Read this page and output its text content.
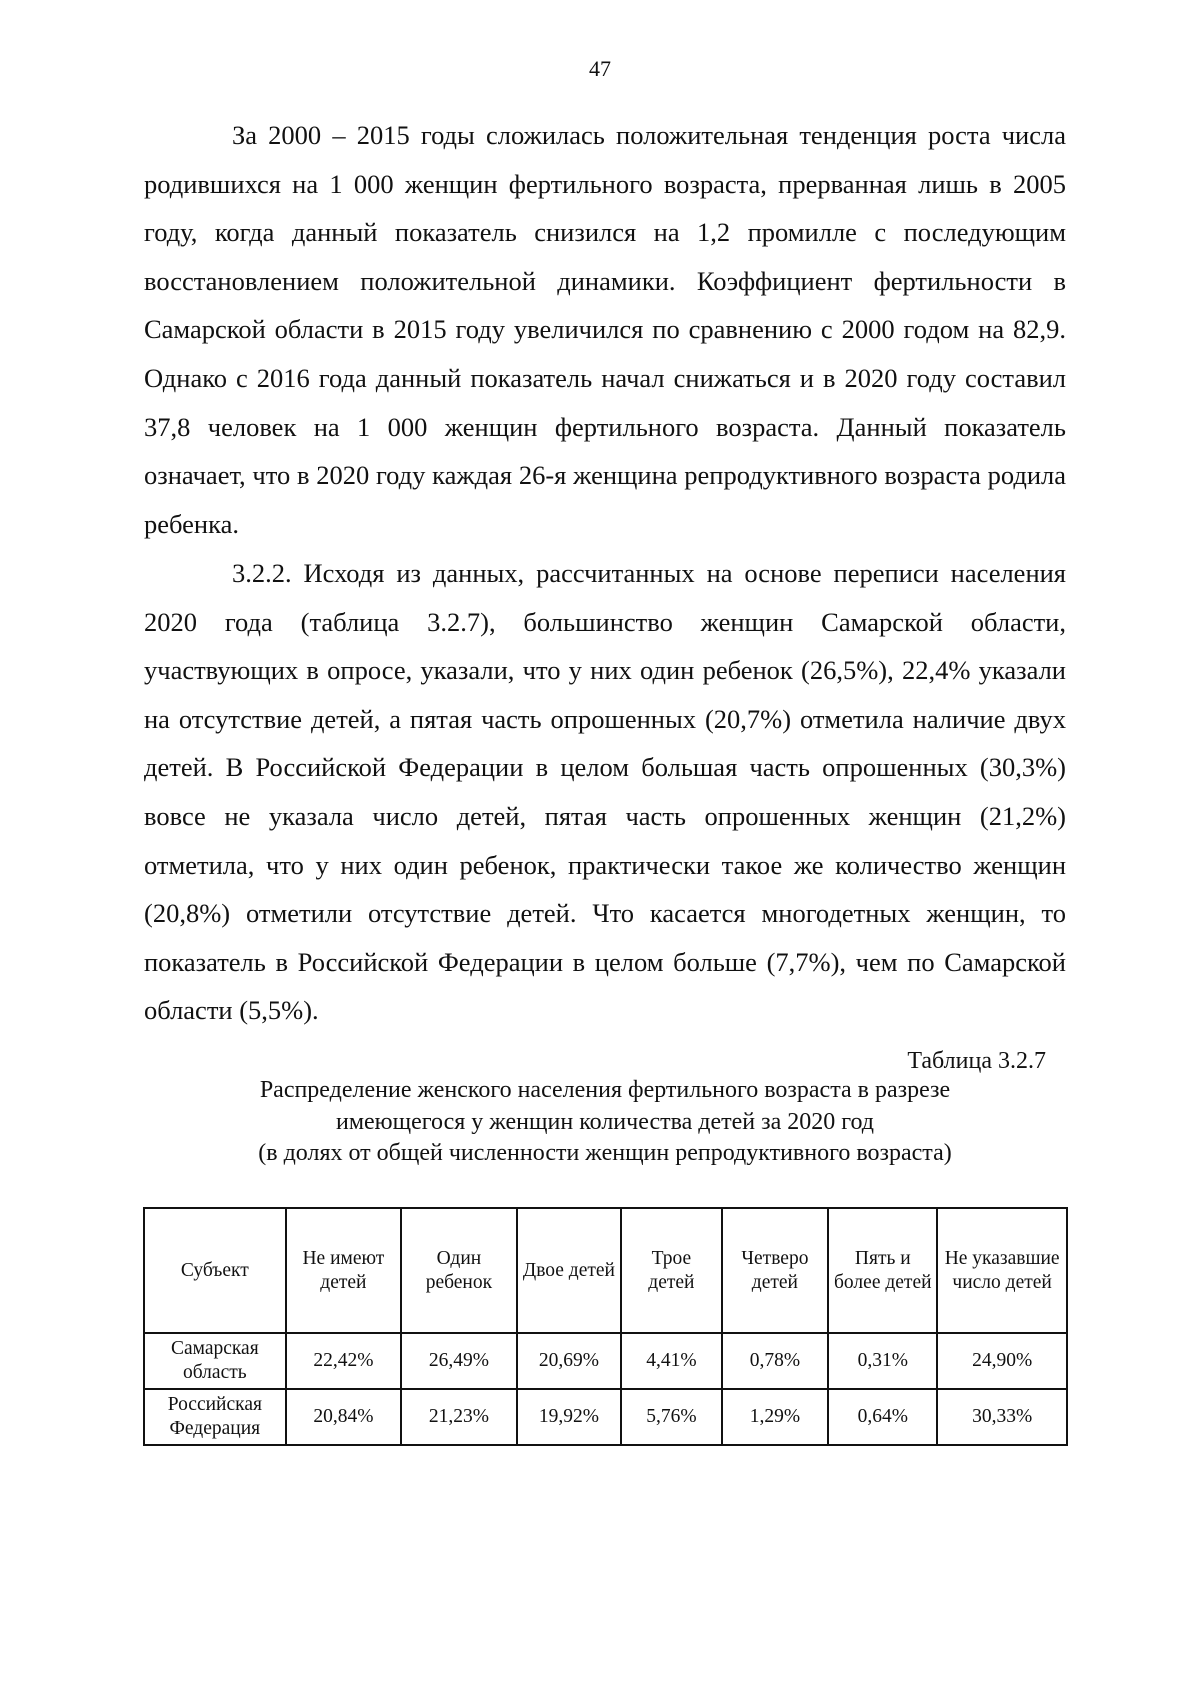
47

За 2000 – 2015 годы сложилась положительная тенденция роста числа родившихся на 1 000 женщин фертильного возраста, прерванная лишь в 2005 году, когда данный показатель снизился на 1,2 промилле с последующим восстановлением положительной динамики. Коэффициент фертильности в Самарской области в 2015 году увеличился по сравнению с 2000 годом на 82,9. Однако с 2016 года данный показатель начал снижаться и в 2020 году составил 37,8 человек на 1 000 женщин фертильного возраста. Данный показатель означает, что в 2020 году каждая 26-я женщина репродуктивного возраста родила ребенка.

3.2.2. Исходя из данных, рассчитанных на основе переписи населения 2020 года (таблица 3.2.7), большинство женщин Самарской области, участвующих в опросе, указали, что у них один ребенок (26,5%), 22,4% указали на отсутствие детей, а пятая часть опрошенных (20,7%) отметила наличие двух детей. В Российской Федерации в целом большая часть опрошенных (30,3%) вовсе не указала число детей, пятая часть опрошенных женщин (21,2%) отметила, что у них один ребенок, практически такое же количество женщин (20,8%) отметили отсутствие детей. Что касается многодетных женщин, то показатель в Российской Федерации в целом больше (7,7%), чем по Самарской области (5,5%).

Таблица 3.2.7
Распределение женского населения фертильного возраста в разрезе
имеющегося у женщин количества детей за 2020 год
(в долях от общей численности женщин репродуктивного возраста)
Субъект	Не имеют детей	Один ребенок	Двое детей	Трое детей	Четверо детей	Пять и более детей	Не указавшие число детей
Самарская область	22,42%	26,49%	20,69%	4,41%	0,78%	0,31%	24,90%
Российская Федерация	20,84%	21,23%	19,92%	5,76%	1,29%	0,64%	30,33%
